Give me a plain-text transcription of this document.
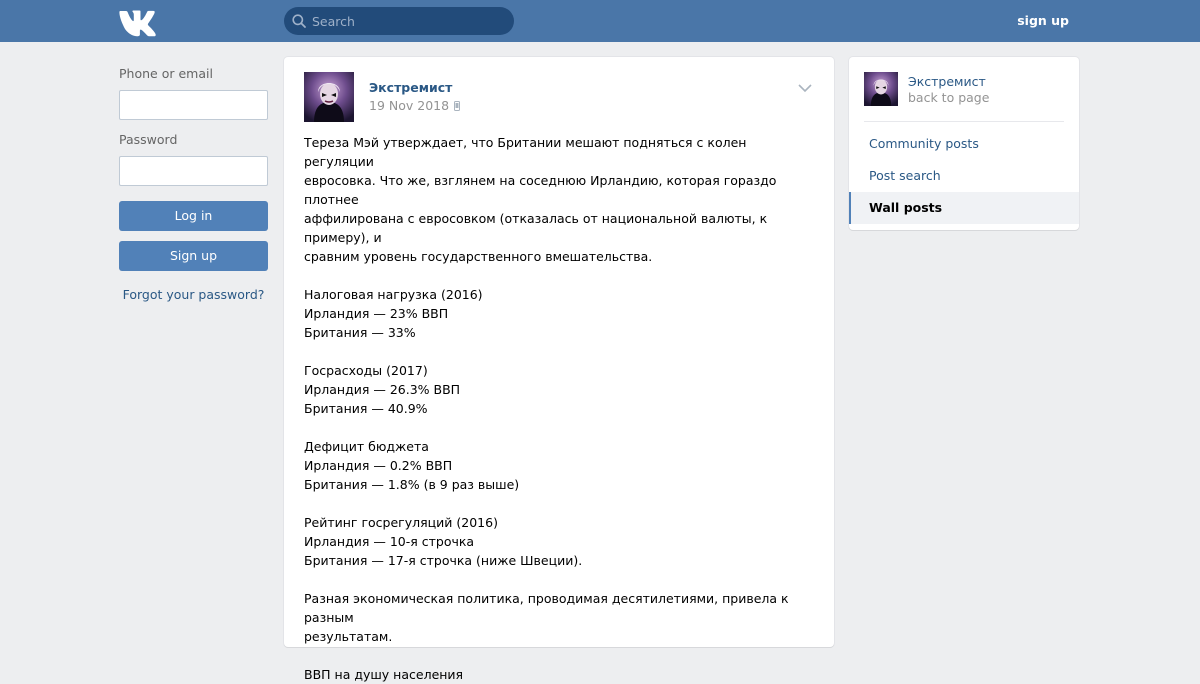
Search
sign up
Phone or email
Password
Log in
Sign up
Forgot your password?
Экстремист
19 Nov 2018

Тереза Мэй утверждает, что Британии мешают подняться с колен регуляции

евросовка. Что же, взглянем на соседнюю Ирландию, которая гораздо плотнее

аффилирована с евросовком (отказалась от национальной валюты, к примеру), и

сравним уровень государственного вмешательства.

Налоговая нагрузка (2016)

Ирландия — 23% ВВП

Британия — 33%

Госрасходы (2017)

Ирландия — 26.3% ВВП

Британия — 40.9%

Дефицит бюджета

Ирландия — 0.2% ВВП

Британия — 1.8% (в 9 раз выше)

Рейтинг госрегуляций (2016)

Ирландия — 10-я строчка

Британия — 17-я строчка (ниже Швеции).

Разная экономическая политика, проводимая десятилетиями, привела к разным

результатам.

ВВП на душу населения

Экстремист
back to page
Community posts
Post search
Wall posts
